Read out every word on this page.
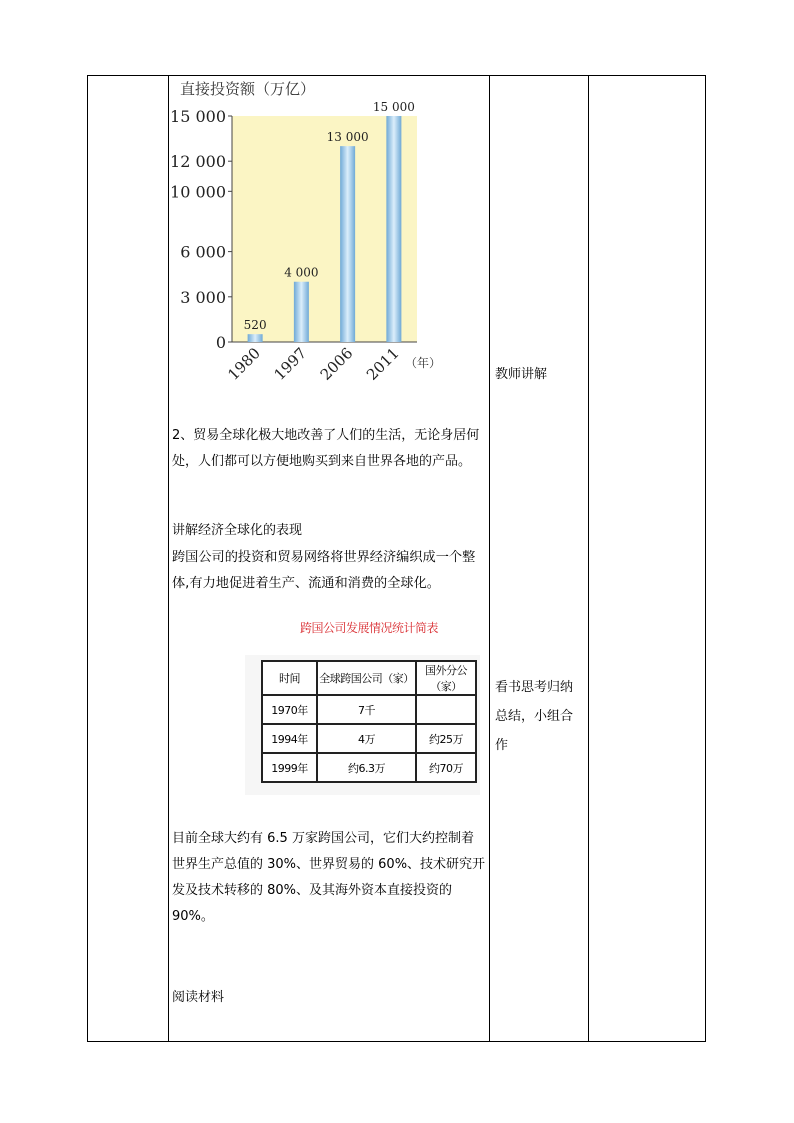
直接投资额（万亿）
（年）
0
3 000
6 000
10 000
12 000
15 000
520
1980
4 000
1997
13 000
2006
15 000
2011
2、贸易全球化极大地改善了人们的生活，无论身居何处，人们都可以方便地购买到来自世界各地的产品。
讲解经济全球化的表现
跨国公司的投资和贸易网络将世界经济编织成一个整体,有力地促进着生产、流通和消费的全球化。
跨国公司发展情况统计简表
时间	全球跨国公司（家）	国外分公（家）
1970年	7千	
1994年	4万	约25万
1999年	约6.3万	约70万
目前全球大约有 6.5 万家跨国公司，它们大约控制着世界生产总值的 30%、世界贸易的 60%、技术研究开发及技术转移的 80%、及其海外资本直接投资的 90%。
阅读材料
教师讲解
看书思考归纳总结，小组合作
